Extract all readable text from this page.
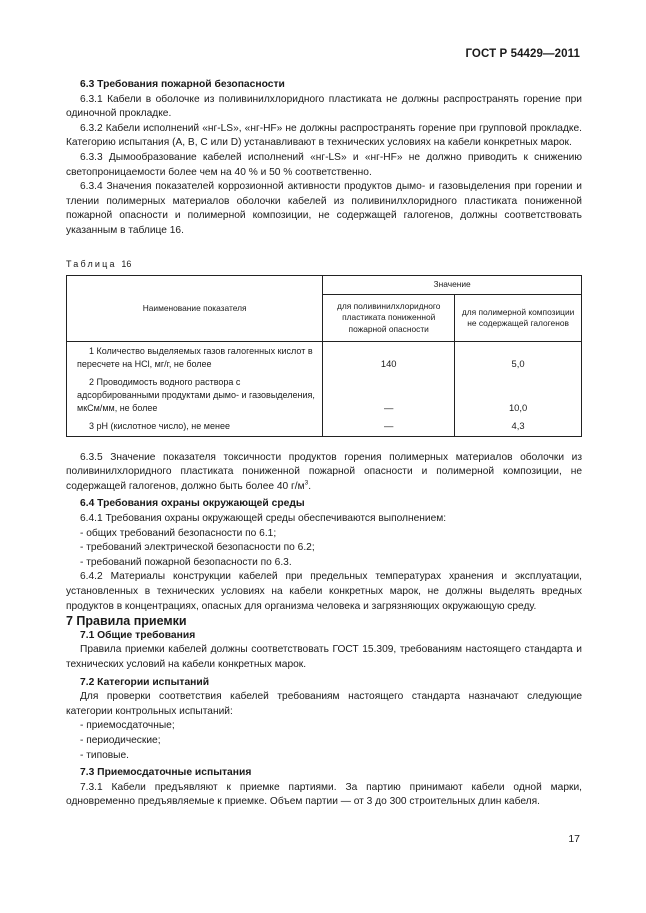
ГОСТ Р 54429—2011

6.3 Требования пожарной безопасности

6.3.1 Кабели в оболочке из поливинилхлоридного пластиката не должны распространять горение при одиночной прокладке.

6.3.2 Кабели исполнений «нг-LS», «нг-HF» не должны распространять горение при групповой прокладке. Категорию испытания (A, B, C или D) устанавливают в технических условиях на кабели конкретных марок.

6.3.3 Дымообразование кабелей исполнений «нг-LS» и «нг-HF» не должно приводить к снижению светопроницаемости более чем на 40 % и 50 % соответственно.

6.3.4 Значения показателей коррозионной активности продуктов дымо- и газовыделения при горении и тлении полимерных материалов оболочки кабелей из поливинилхлоридного пластиката пониженной пожарной опасности и полимерной композиции, не содержащей галогенов, должны соответствовать указанным в таблице 16.

Таблица 16
Наименование показателя	Значение	
	для поливинилхлоридного пластиката пониженной пожарной опасности	для полимерной композиции не содержащей галогенов
1 Количество выделяемых газов галогенных кислот в пересчете на HCl, мг/г, не более	140	5,0
2 Проводимость водного раствора с адсорбированными продуктами дымо- и газовыделения, мкСм/мм, не более	—	10,0
3 pH (кислотное число), не менее	—	4,3

6.3.5 Значение показателя токсичности продуктов горения полимерных материалов оболочки из поливинилхлоридного пластиката пониженной пожарной опасности и полимерной композиции, не содержащей галогенов, должно быть более 40 $г/м^3$.

6.4 Требования охраны окружающей среды

6.4.1 Требования охраны окружающей среды обеспечиваются выполнением:

- общих требований безопасности по 6.1;

- требований электрической безопасности по 6.2;

- требований пожарной безопасности по 6.3.

6.4.2 Материалы конструкции кабелей при предельных температурах хранения и эксплуатации, установленных в технических условиях на кабели конкретных марок, не должны выделять вредных продуктов в концентрациях, опасных для организма человека и загрязняющих окружающую среду.

7 Правила приемки

7.1 Общие требования

Правила приемки кабелей должны соответствовать ГОСТ 15.309, требованиям настоящего стандарта и технических условий на кабели конкретных марок.

7.2 Категории испытаний

Для проверки соответствия кабелей требованиям настоящего стандарта назначают следующие категории контрольных испытаний:

- приемосдаточные;

- периодические;

- типовые.

7.3 Приемосдаточные испытания

7.3.1 Кабели предъявляют к приемке партиями. За партию принимают кабели одной марки, одновременно предъявляемые к приемке. Объем партии — от 3 до 300 строительных длин кабеля.

17
